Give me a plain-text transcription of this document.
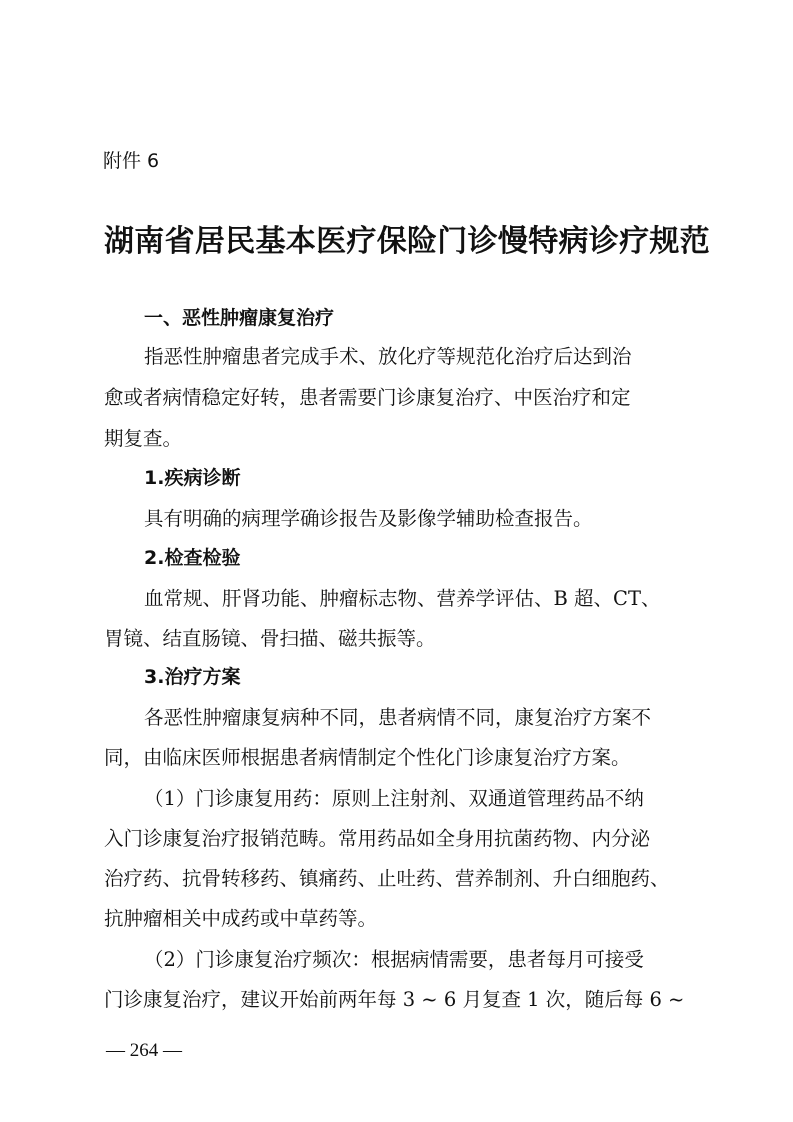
附件 6
湖南省居民基本医疗保险门诊慢特病诊疗规范
一、恶性肿瘤康复治疗
指恶性肿瘤患者完成手术、放化疗等规范化治疗后达到治
愈或者病情稳定好转，患者需要门诊康复治疗、中医治疗和定
期复查。
1.疾病诊断
具有明确的病理学确诊报告及影像学辅助检查报告。
2.检查检验
血常规、肝肾功能、肿瘤标志物、营养学评估、B 超、CT、
胃镜、结直肠镜、骨扫描、磁共振等。
3.治疗方案
各恶性肿瘤康复病种不同，患者病情不同，康复治疗方案不
同，由临床医师根据患者病情制定个性化门诊康复治疗方案。
（1）门诊康复用药：原则上注射剂、双通道管理药品不纳
入门诊康复治疗报销范畴。常用药品如全身用抗菌药物、内分泌
治疗药、抗骨转移药、镇痛药、止吐药、营养制剂、升白细胞药、
抗肿瘤相关中成药或中草药等。
（2）门诊康复治疗频次：根据病情需要，患者每月可接受
门诊康复治疗，建议开始前两年每 3 ~ 6 月复查 1 次，随后每 6 ~
— 264 —
